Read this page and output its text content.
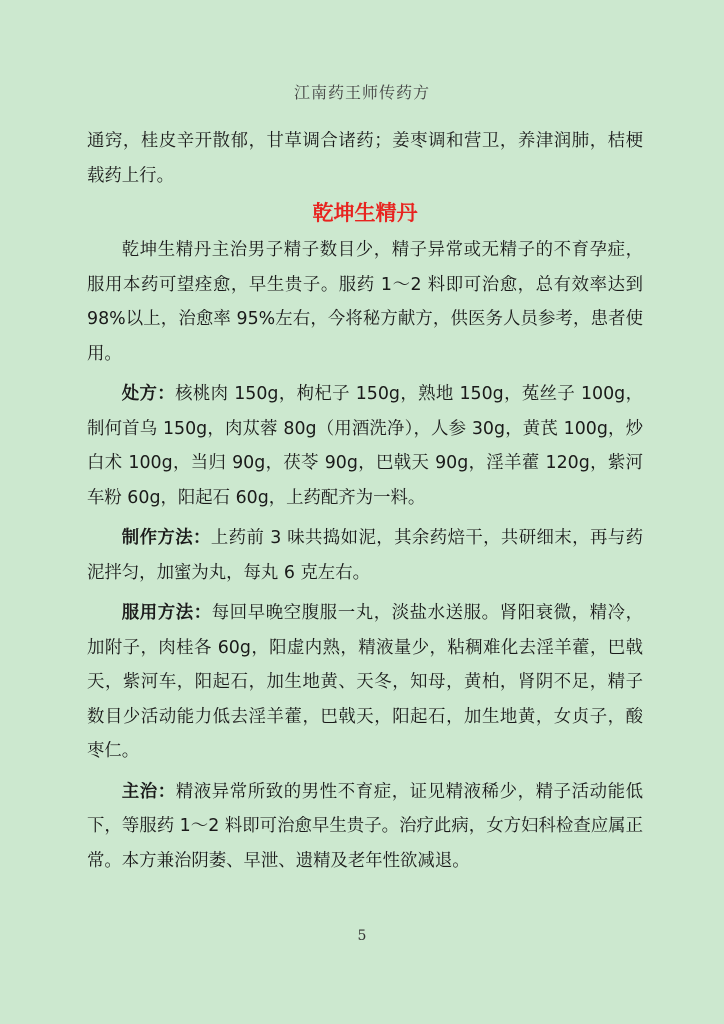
江南药王师传药方

通窍，桂皮辛开散郁，甘草调合诸药；姜枣调和营卫，养津润肺，桔梗载药上行。

乾坤生精丹

乾坤生精丹主治男子精子数目少，精子异常或无精子的不育孕症，服用本药可望痊愈，早生贵子。服药 1～2 料即可治愈，总有效率达到 98%以上，治愈率 95%左右，今将秘方献方，供医务人员参考，患者使用。

处方：核桃肉 150g，枸杞子 150g，熟地 150g，菟丝子 100g，制何首乌 150g，肉苁蓉 80g（用酒洗净），人参 30g，黄芪 100g，炒白术 100g，当归 90g，茯苓 90g，巴戟天 90g，淫羊藿 120g，紫河车粉 60g，阳起石 60g，上药配齐为一料。

制作方法：上药前 3 味共捣如泥，其余药焙干，共研细末，再与药泥拌匀，加蜜为丸，每丸 6 克左右。

服用方法：每回早晚空腹服一丸，淡盐水送服。肾阳衰微，精冷，加附子，肉桂各 60g，阳虚内熟，精液量少，粘稠难化去淫羊藿，巴戟天，紫河车，阳起石，加生地黄、天冬，知母，黄柏，肾阴不足，精子数目少活动能力低去淫羊藿，巴戟天，阳起石，加生地黄，女贞子，酸枣仁。

主治：精液异常所致的男性不育症，证见精液稀少，精子活动能低下，等服药 1～2 料即可治愈早生贵子。治疗此病，女方妇科检查应属正常。本方兼治阴萎、早泄、遗精及老年性欲减退。

5
